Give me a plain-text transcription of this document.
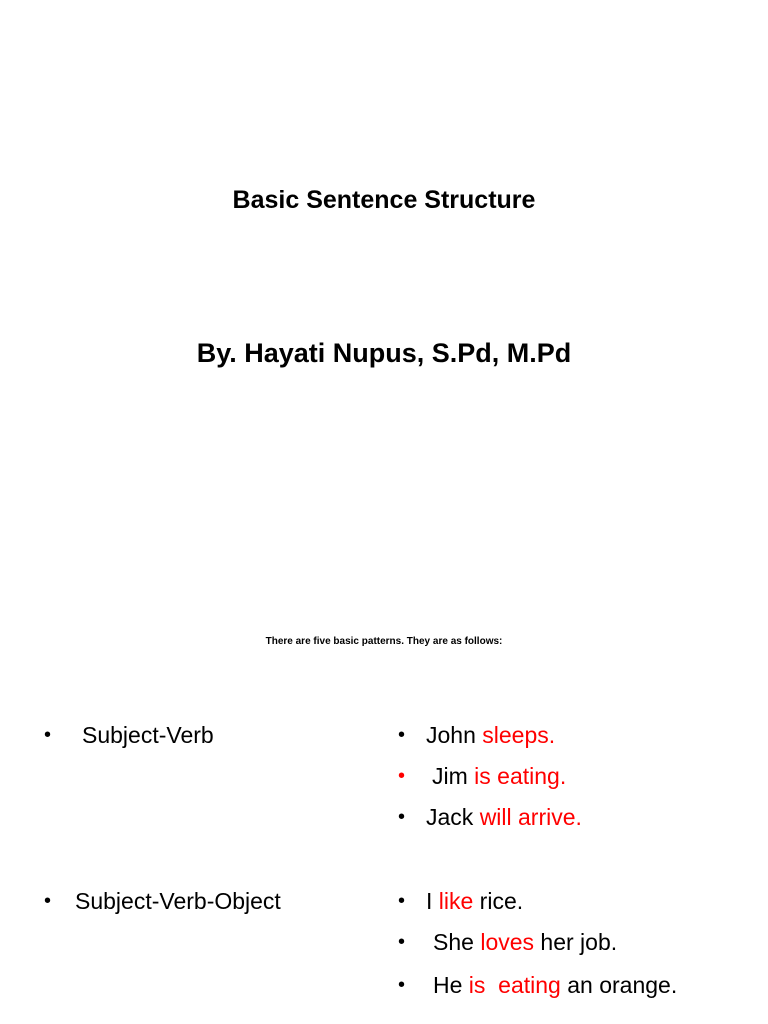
Basic Sentence Structure
By. Hayati Nupus, S.Pd, M.Pd
There are five basic patterns. They are as follows:
• Subject-Verb	• John sleeps.
• Jim is eating.
• Jack will arrive.
• Subject-Verb-Object	• I like rice.
• She loves her job.
• He is  eating an orange.
